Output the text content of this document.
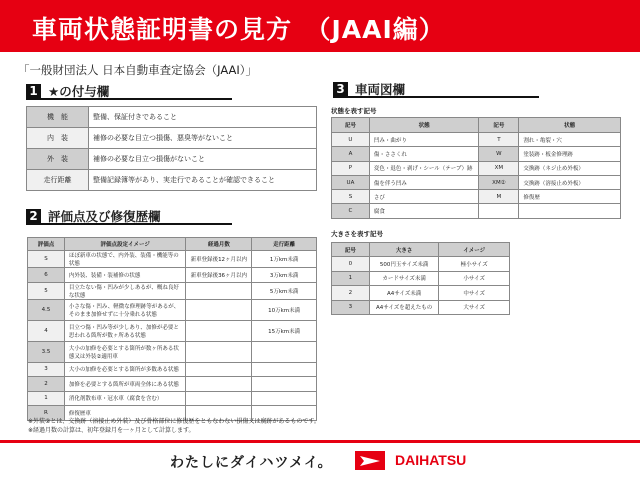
車両状態証明書の見方　（JAAI編）
「一般財団法人 日本自動車査定協会（JAAI）」
1 ★の付与欄
機　能	整備、保証付きであること
内　装	補修の必要な目立つ損傷、悪臭等がないこと
外　装	補修の必要な目立つ損傷がないこと
走行距離	整備記録簿等があり、実走行であることが確認できること
2 評価点及び修復歴欄
評価点	評価点設定イメージ	経過月数	走行距離
S	ほぼ新車の状態で、内外装、装備・機能等の状態	新車登録後12ヶ月以内	1万km未満
6	内外装、装備・装補修の状態	新車登録後36ヶ月以内	3万km未満
5	目立たない傷・凹みが少しあるが、概ね良好な状態		5万km未満
4.5	小さな傷・凹み、軽微な修理跡等があるが、そのまま加修せずに十分乗れる状態		10万km未満
4	目立つ傷・凹み等が少しあり、加修が必要と思われる箇所が数ヶ所ある状態		15万km未満
3.5	大小の加修を必要とする箇所が数ヶ所ある状態又は外装②適用車		
3	大小の加修を必要とする箇所が多数ある状態		
2	加修を必要とする箇所が車両全体にある状態		
1	消化剤散布車・冠水車（腐食を含む）		
R	修復歴車		
※外装②とは、交換跡（溶接止め外装）及び骨格部位に修復歴をともなわない損傷又は腐跡があるものです。
※経過月数の計算は、初年登録月を一ヶ月として計算します。
3 車両図欄
状態を表す記号
記号	状態	記号	状態
U	凹み・曲がり	T	割れ・亀裂・穴
A	傷・ささくれ	W	塗装跡・板金修理跡
P	変色・退色・剥げ・シール（テープ）跡	XM	交換跡（ネジ止め外板）
UA	傷を伴う凹み	XM②	交換跡（溶接止め外板）
S	さび	M	修復歴
C	腐食		
大きさを表す記号
記号	大きさ	イメージ
0	500円玉サイズ未満	極小サイズ
1	カードサイズ未満	小サイズ
2	A4サイズ未満	中サイズ
3	A4サイズを超えたもの	大サイズ
わたしにダイハツメイ。	DAIHATSU
